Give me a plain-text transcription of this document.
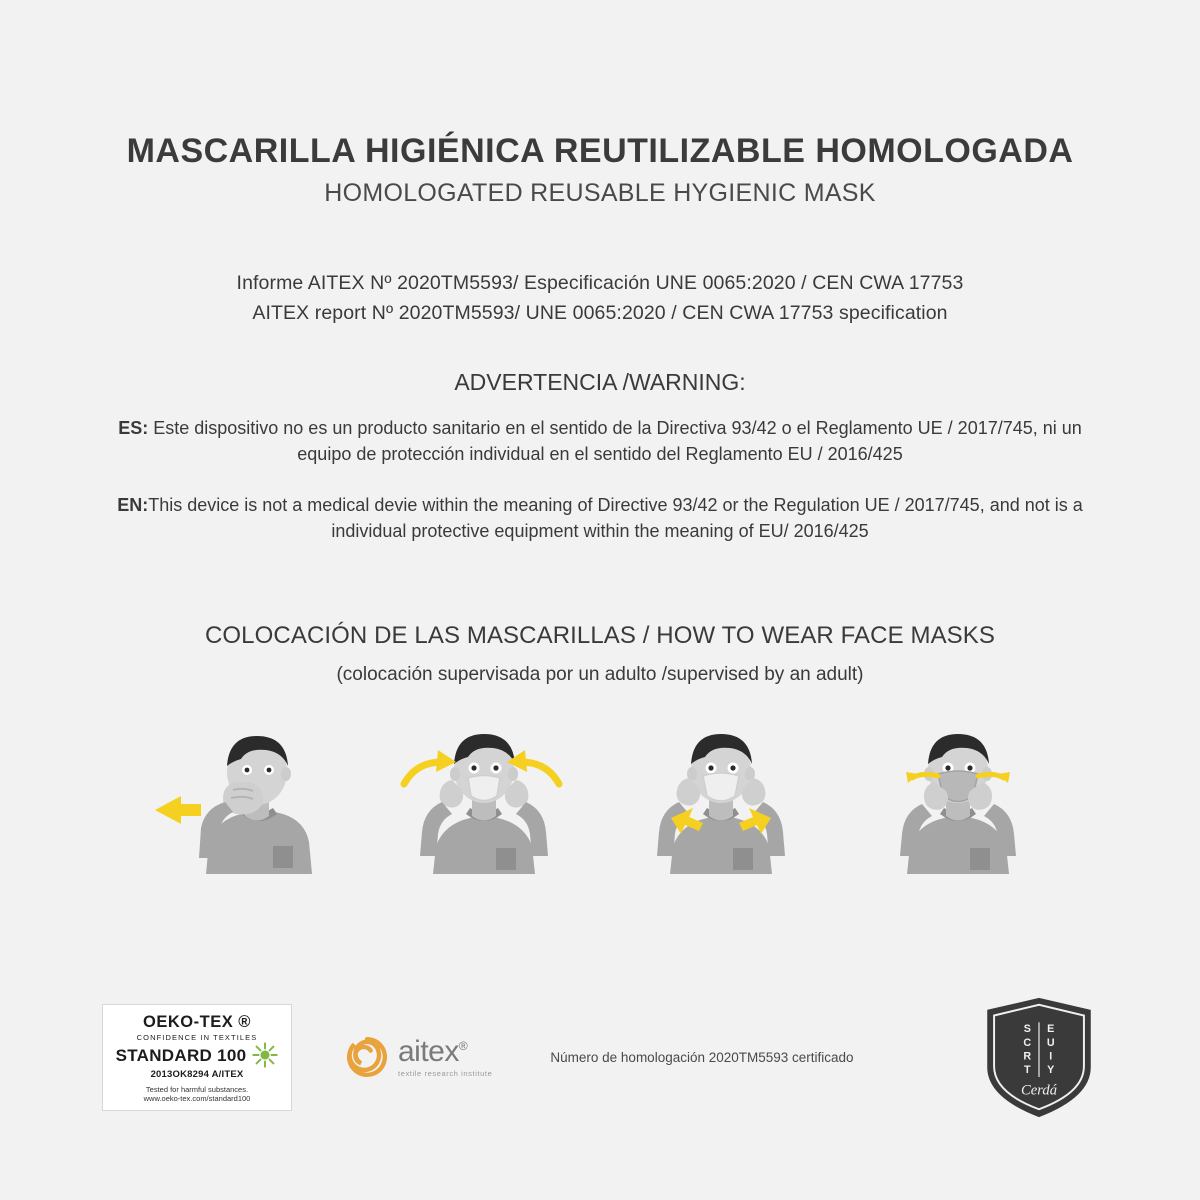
MASCARILLA HIGIÉNICA REUTILIZABLE HOMOLOGADA
HOMOLOGATED REUSABLE HYGIENIC MASK
Informe AITEX Nº 2020TM5593/ Especificación UNE 0065:2020 / CEN CWA 17753
AITEX report Nº 2020TM5593/ UNE 0065:2020 / CEN CWA 17753 specification
ADVERTENCIA /WARNING:
ES: Este dispositivo no es un producto sanitario en el sentido de la Directiva 93/42 o el Reglamento UE / 2017/745, ni un equipo de protección individual en el sentido del Reglamento EU / 2016/425
EN:This device is not a medical devie within the meaning of Directive 93/42 or the Regulation UE / 2017/745, and not is a individual protective equipment within the meaning of EU/ 2016/425
COLOCACIÓN DE LAS MASCARILLAS / HOW TO WEAR FACE MASKS
(colocación supervisada por un adulto /supervised by an adult)
OEKO-TEX ®
CONFIDENCE IN TEXTILES
STANDARD 100
2013OK8294 A/ITEX
Tested for harmful substances.
www.oeko-tex.com/standard100
aitex®
textile research institute
Número de homologación 2020TM5593 certificado
S
C
R
T
E
U
I
Y
Cerdá
